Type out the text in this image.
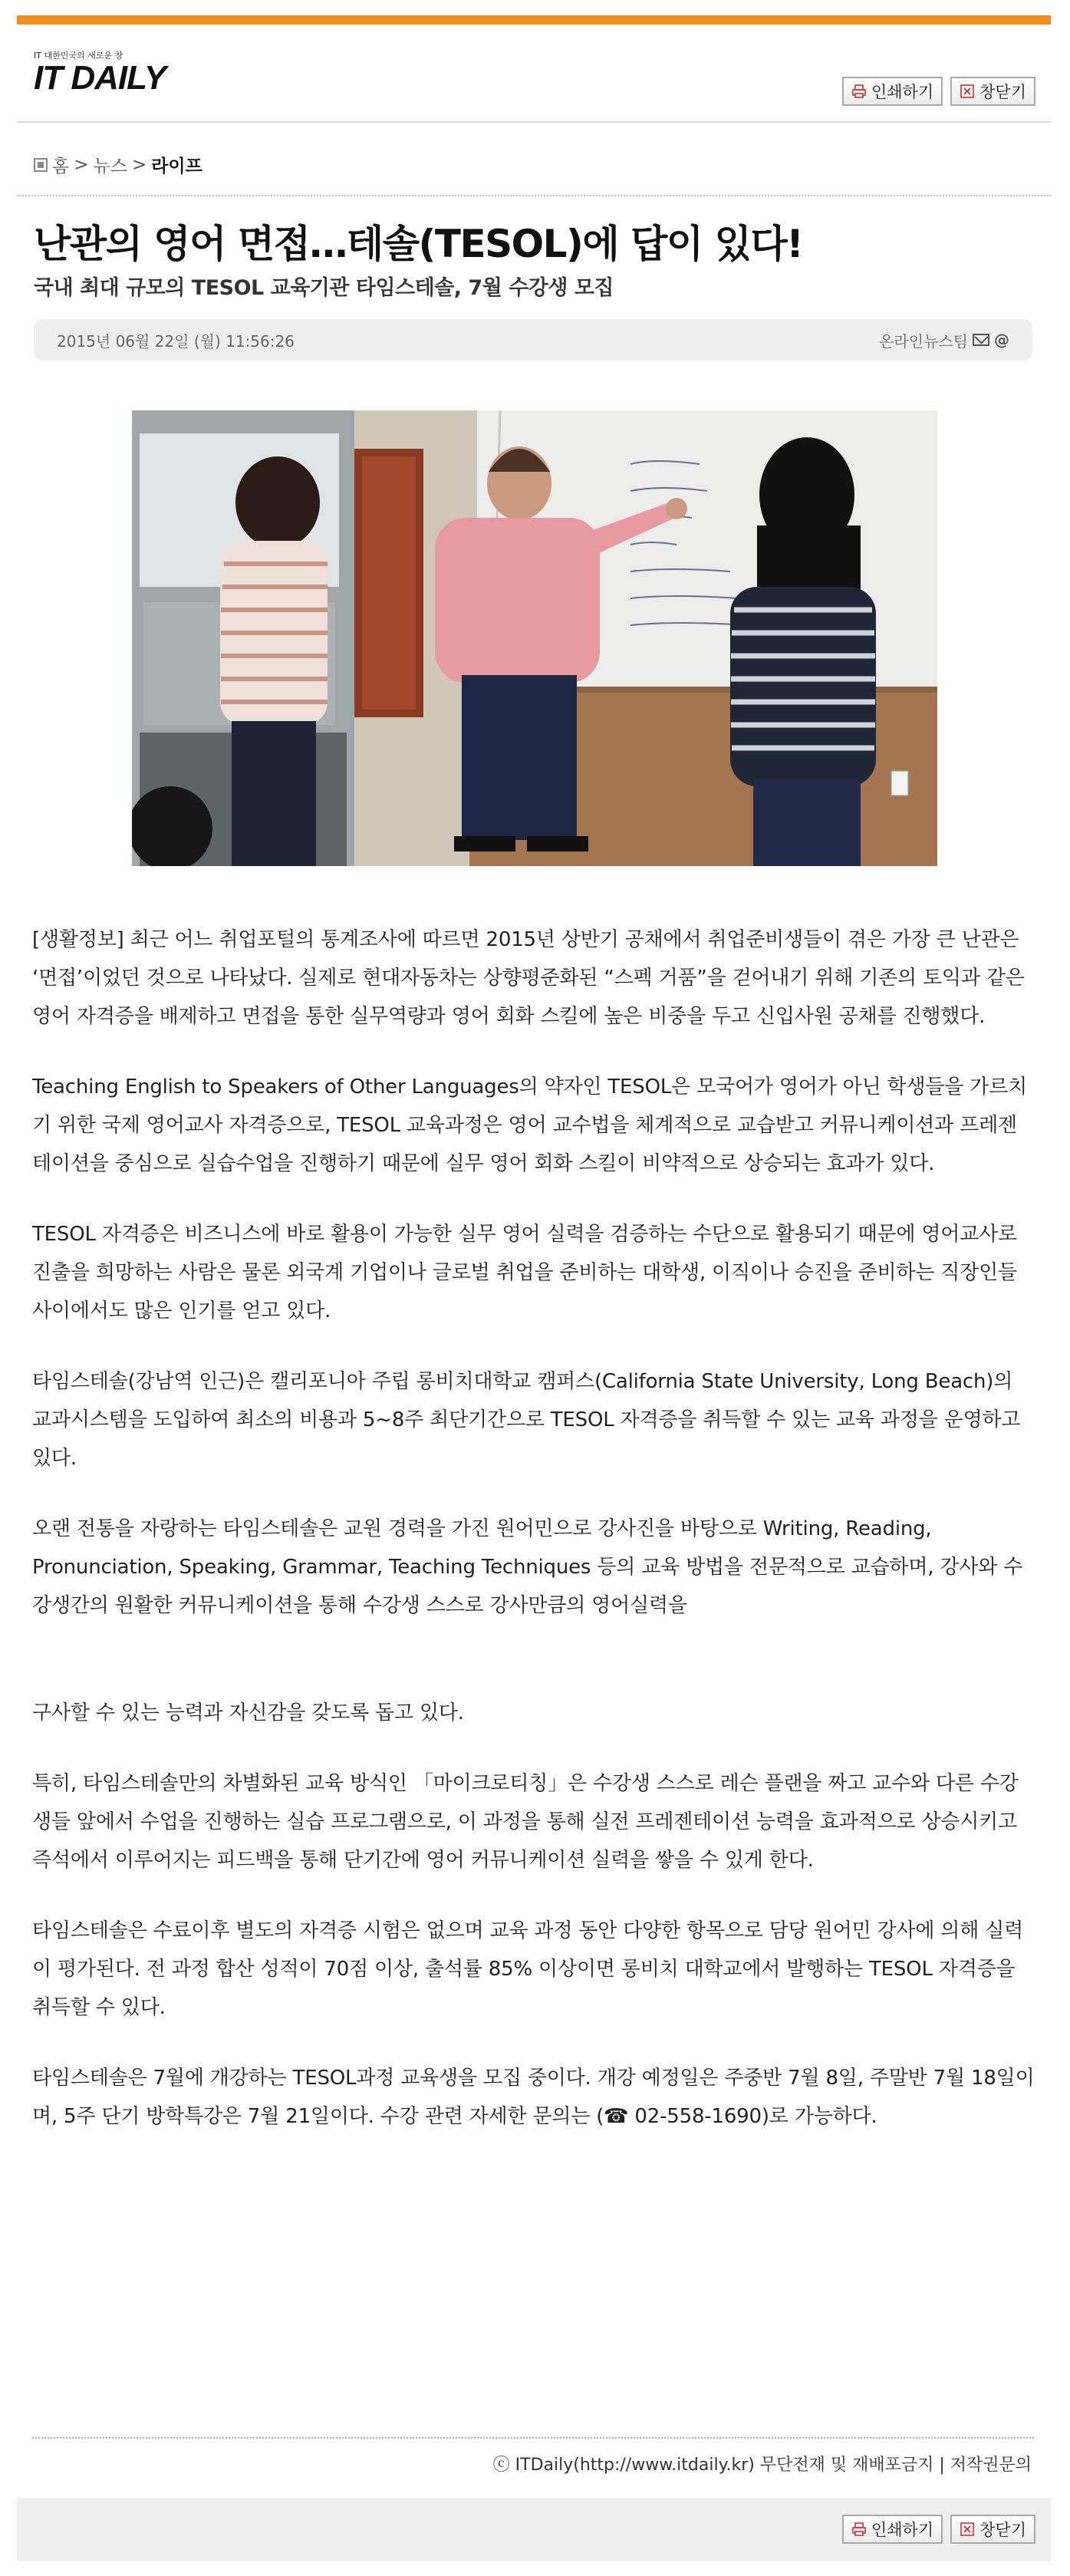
IT 대한민국의 새로운 창
IT DAILY	인쇄하기	창닫기
홈 > 뉴스 > 라이프
난관의 영어 면접…테솔(TESOL)에 답이 있다!
국내 최대 규모의 TESOL 교육기관 타임스테솔, 7월 수강생 모집
2015년 06월 22일 (월) 11:56:26	온라인뉴스팀 @

[생활정보] 최근 어느 취업포털의 통계조사에 따르면 2015년 상반기 공채에서 취업준비생들이 겪은 가장 큰 난관은 ‘면접’이었던 것으로 나타났다. 실제로 현대자동차는 상향평준화된 “스펙 거품”을 걷어내기 위해 기존의 토익과 같은 영어 자격증을 배제하고 면접을 통한 실무역량과 영어 회화 스킬에 높은 비중을 두고 신입사원 공채를 진행했다.

Teaching English to Speakers of Other Languages의 약자인 TESOL은 모국어가 영어가 아닌 학생들을 가르치기 위한 국제 영어교사 자격증으로, TESOL 교육과정은 영어 교수법을 체계적으로 교습받고 커뮤니케이션과 프레젠테이션을 중심으로 실습수업을 진행하기 때문에 실무 영어 회화 스킬이 비약적으로 상승되는 효과가 있다.

TESOL 자격증은 비즈니스에 바로 활용이 가능한 실무 영어 실력을 검증하는 수단으로 활용되기 때문에 영어교사로 진출을 희망하는 사람은 물론 외국계 기업이나 글로벌 취업을 준비하는 대학생, 이직이나 승진을 준비하는 직장인들 사이에서도 많은 인기를 얻고 있다.

타임스테솔(강남역 인근)은 캘리포니아 주립 롱비치대학교 캠퍼스(California State University, Long Beach)의 교과시스템을 도입하여 최소의 비용과 5~8주 최단기간으로 TESOL 자격증을 취득할 수 있는 교육 과정을 운영하고 있다.

오랜 전통을 자랑하는 타임스테솔은 교원 경력을 가진 원어민으로 강사진을 바탕으로 Writing, Reading, Pronunciation, Speaking, Grammar, Teaching Techniques 등의 교육 방법을 전문적으로 교습하며, 강사와 수강생간의 원활한 커뮤니케이션을 통해 수강생 스스로 강사만큼의 영어실력을

구사할 수 있는 능력과 자신감을 갖도록 돕고 있다.

특히, 타임스테솔만의 차별화된 교육 방식인 「마이크로티칭」은 수강생 스스로 레슨 플랜을 짜고 교수와 다른 수강생들 앞에서 수업을 진행하는 실습 프로그램으로, 이 과정을 통해 실전 프레젠테이션 능력을 효과적으로 상승시키고 즉석에서 이루어지는 피드백을 통해 단기간에 영어 커뮤니케이션 실력을 쌓을 수 있게 한다.

타임스테솔은 수료이후 별도의 자격증 시험은 없으며 교육 과정 동안 다양한 항목으로 담당 원어민 강사에 의해 실력이 평가된다. 전 과정 합산 성적이 70점 이상, 출석률 85% 이상이면 롱비치 대학교에서 발행하는 TESOL 자격증을 취득할 수 있다.

타임스테솔은 7월에 개강하는 TESOL과정 교육생을 모집 중이다. 개강 예정일은 주중반 7월 8일, 주말반 7월 18일이며, 5주 단기 방학특강은 7월 21일이다. 수강 관련 자세한 문의는 (☎ 02-558-1690)로 가능하다.

ⓒ ITDaily(http://www.itdaily.kr) 무단전재 및 재배포금지 | 저작권문의
인쇄하기	창닫기
